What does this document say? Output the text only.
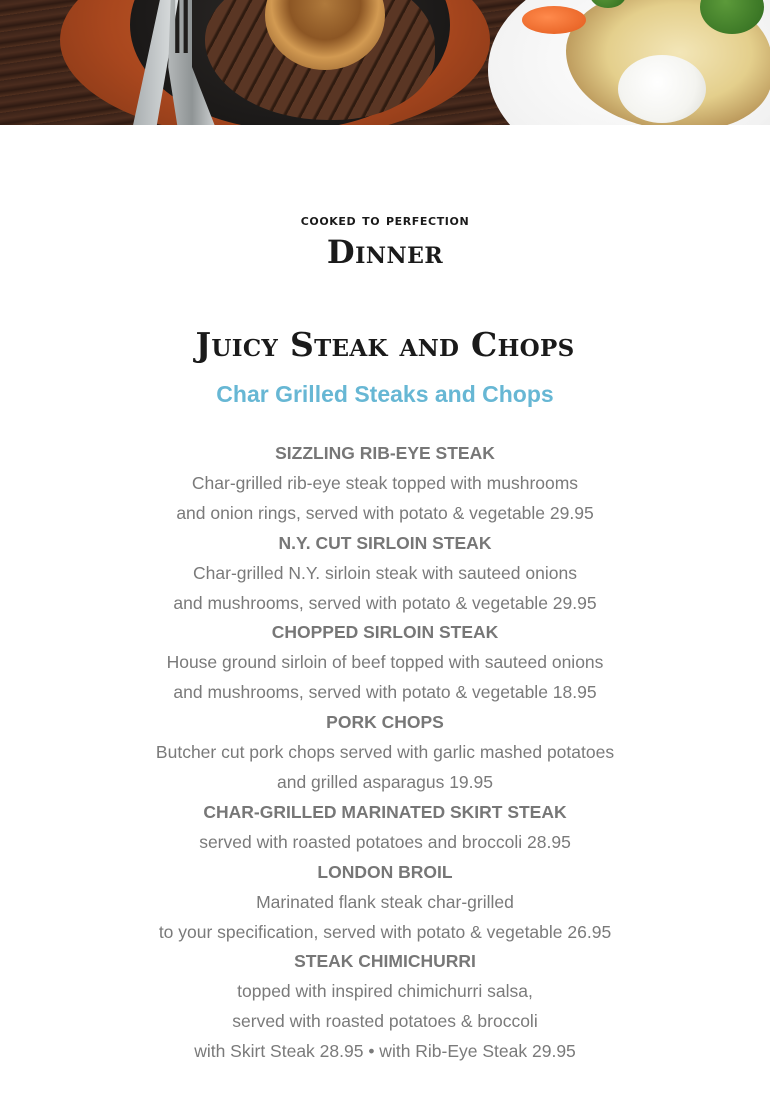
cooked to perfection
Dinner
Juicy Steak and Chops
Char Grilled Steaks and Chops
SIZZLING RIB-EYE STEAK
Char-grilled rib-eye steak topped with mushrooms
and onion rings, served with potato & vegetable 29.95
N.Y. CUT SIRLOIN STEAK
Char-grilled N.Y. sirloin steak with sauteed onions
and mushrooms, served with potato & vegetable 29.95
CHOPPED SIRLOIN STEAK
House ground sirloin of beef topped with sauteed onions
and mushrooms, served with potato & vegetable 18.95
PORK CHOPS
Butcher cut pork chops served with garlic mashed potatoes
and grilled asparagus 19.95
CHAR-GRILLED MARINATED SKIRT STEAK
served with roasted potatoes and broccoli 28.95
LONDON BROIL
Marinated flank steak char-grilled
to your specification, served with potato & vegetable 26.95
STEAK CHIMICHURRI
topped with inspired chimichurri salsa,
served with roasted potatoes & broccoli
with Skirt Steak 28.95 • with Rib-Eye Steak 29.95
